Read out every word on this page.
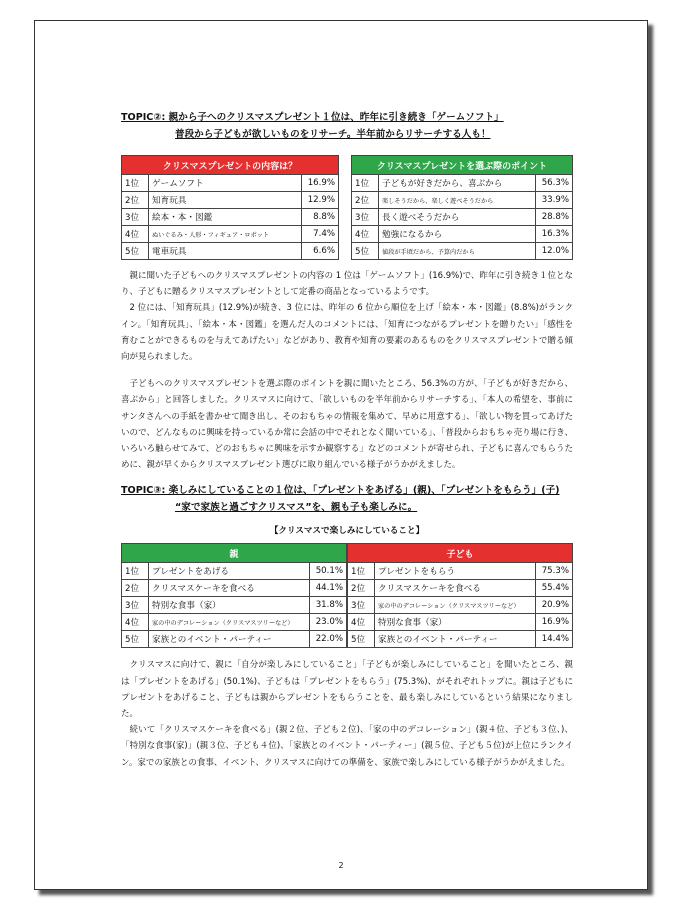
TOPIC②: 親から子へのクリスマスプレゼント１位は、昨年に引き続き「ゲームソフト」
普段から子どもが欲しいものをリサーチ。半年前からリサーチする人も！
クリスマスプレゼントの内容は？		
1位	ゲームソフト	16.9%
2位	知育玩具	12.9%
3位	絵本・本・図鑑	8.8%
4位	ぬいぐるみ・人形・フィギュア・ロボット	7.4%
5位	電車玩具	6.6%
クリスマスプレゼントを選ぶ際のポイント		
1位	子どもが好きだから、喜ぶから	56.3%
2位	楽しそうだから、楽しく遊べそうだから	33.9%
3位	長く遊べそうだから	28.8%
4位	勉強になるから	16.3%
5位	値段が手頃だから、予算内だから	12.0%

親に聞いた子どもへのクリスマスプレゼントの内容の 1 位は「ゲームソフト」(16.9%)で、昨年に引き続き１位となり、子どもに贈るクリスマスプレゼントとして定番の商品となっているようです。

2 位には、「知育玩具」(12.9%)が続き、3 位には、昨年の 6 位から順位を上げ「絵本・本・図鑑」(8.8%)がランクイン。「知育玩具」、「絵本・本・図鑑」を選んだ人のコメントには、「知育につながるプレゼントを贈りたい」「感性を育むことができるものを与えてあげたい」などがあり、教育や知育の要素のあるものをクリスマスプレゼントで贈る傾向が見られました。

子どもへのクリスマスプレゼントを選ぶ際のポイントを親に聞いたところ、56.3%の方が、「子どもが好きだから、喜ぶから」と回答しました。クリスマスに向けて、「欲しいものを半年前からリサーチする」、「本人の希望を、事前にサンタさんへの手紙を書かせて聞き出し、そのおもちゃの情報を集めて、早めに用意する」、「欲しい物を買ってあげたいので、どんなものに興味を持っているか常に会話の中でそれとなく聞いている」、「普段からおもちゃ売り場に行き、いろいろ触らせてみて、どのおもちゃに興味を示すか観察する」などのコメントが寄せられ、子どもに喜んでもらうために、親が早くからクリスマスプレゼント選びに取り組んでいる様子がうかがえました。

TOPIC③: 楽しみにしていることの１位は、「プレゼントをあげる」(親)、「プレゼントをもらう」(子)
“家で家族と過ごすクリスマス”を、親も子も楽しみに。
【クリスマスで楽しみにしていること】
親		
1位	プレゼントをあげる	50.1%
2位	クリスマスケーキを食べる	44.1%
3位	特別な食事（家）	31.8%
4位	家の中のデコレーション（クリスマスツリーなど）	23.0%
5位	家族とのイベント・パーティー	22.0%
子ども		
1位	プレゼントをもらう	75.3%
2位	クリスマスケーキを食べる	55.4%
3位	家の中のデコレーション（クリスマスツリーなど）	20.9%
4位	特別な食事（家）	16.9%
5位	家族とのイベント・パーティー	14.4%

クリスマスに向けて、親に「自分が楽しみにしていること」「子どもが楽しみにしていること」を聞いたところ、親は「プレゼントをあげる」(50.1%)、子どもは「プレゼントをもらう」(75.3%)、がそれぞれトップに。親は子どもにプレゼントをあげること、子どもは親からプレゼントをもらうことを、最も楽しみにしているという結果になりました。

続いて「クリスマスケーキを食べる」(親２位、子ども２位)、「家の中のデコレーション」(親４位、子ども３位、)、「特別な食事(家)」(親３位、子ども４位)、「家族とのイベント・パーティー」(親５位、子ども５位)が上位にランクイン。家での家族との食事、イベント、クリスマスに向けての準備を、家族で楽しみにしている様子がうかがえました。

2
